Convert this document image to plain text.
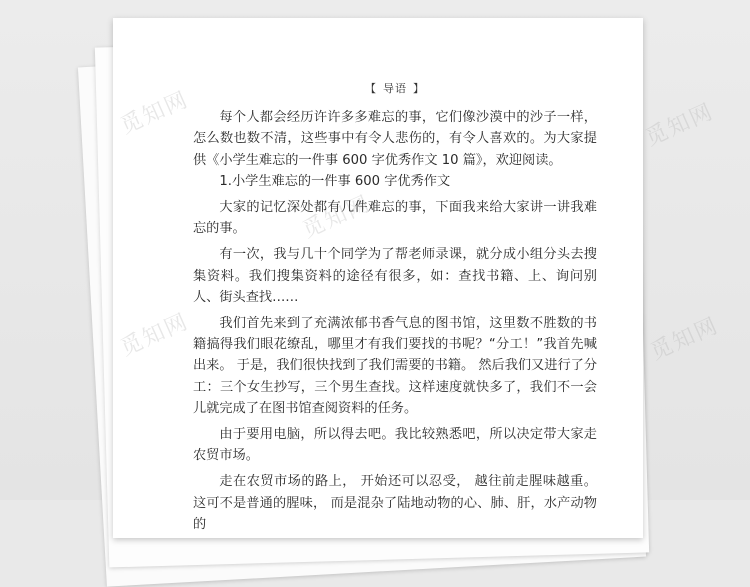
觅知网	觅知网
觅知网	觅知网
觅知网
【 导语 】

每个人都会经历许许多多难忘的事，它们像沙漠中的沙子一样，怎么数也数不清，这些事中有令人悲伤的，有令人喜欢的。为大家提供《小学生难忘的一件事 600 字优秀作文 10 篇》，欢迎阅读。

1.小学生难忘的一件事 600 字优秀作文

大家的记忆深处都有几件难忘的事，下面我来给大家讲一讲我难忘的事。

有一次，我与几十个同学为了帮老师录课，就分成小组分头去搜集资料。我们搜集资料的途径有很多，如：查找书籍、上、询问别人、街头查找……

我们首先来到了充满浓郁书香气息的图书馆，这里数不胜数的书籍搞得我们眼花缭乱，哪里才有我们要找的书呢？“分工！”我首先喊出来。 于是，我们很快找到了我们需要的书籍。 然后我们又进行了分工：三个女生抄写，三个男生查找。这样速度就快多了，我们不一会儿就完成了在图书馆查阅资料的任务。

由于要用电脑，所以得去吧。我比较熟悉吧，所以决定带大家走农贸市场。

走在农贸市场的路上， 开始还可以忍受， 越往前走腥味越重。 这可不是普通的腥味， 而是混杂了陆地动物的心、肺、肝，水产动物的
